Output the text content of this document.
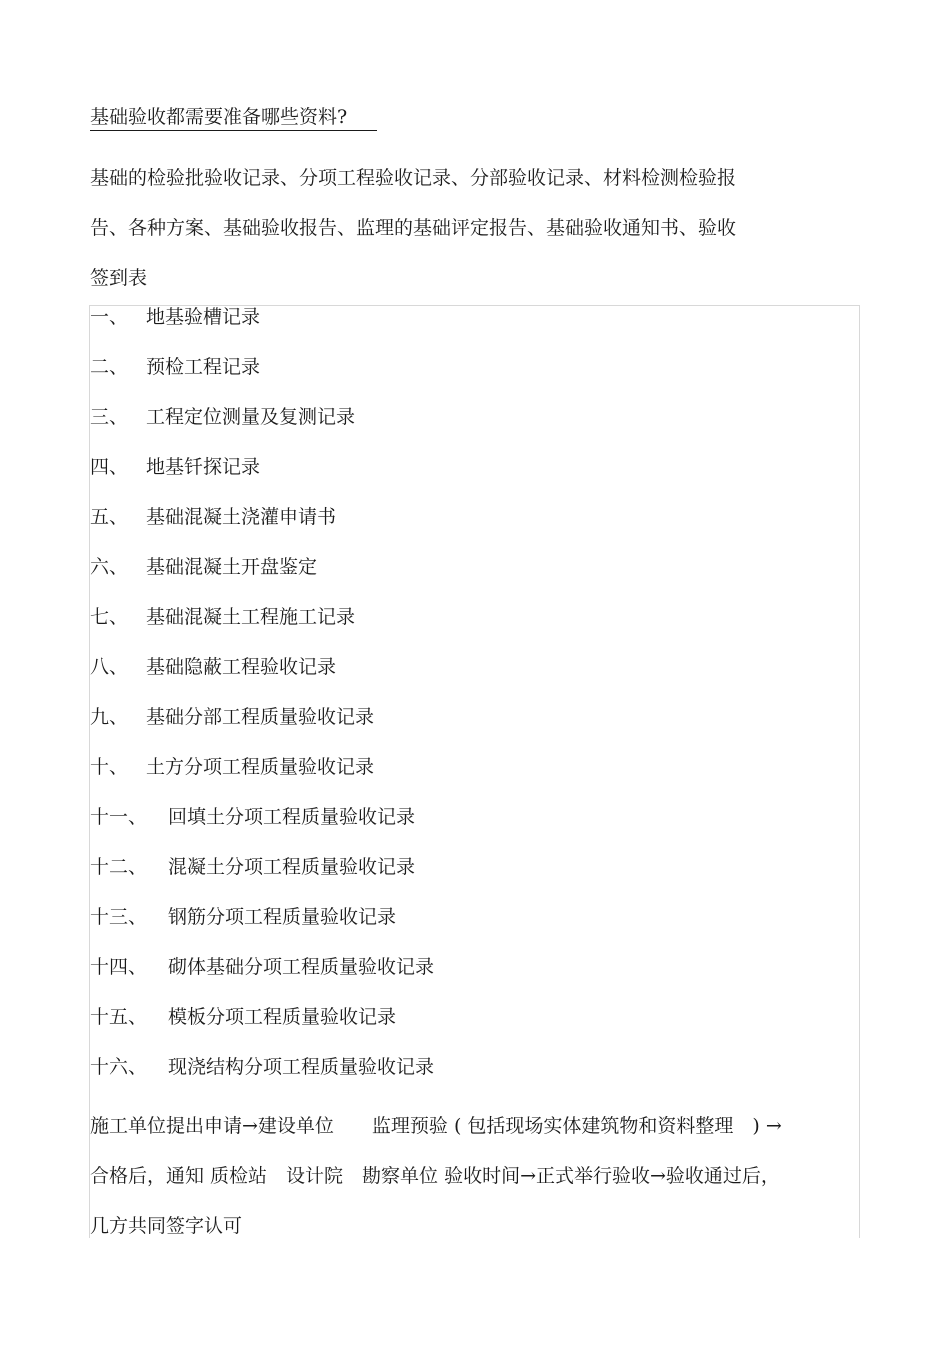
基础验收都需要准备哪些资料?
基础的检验批验收记录、分项工程验收记录、分部验收记录、材料检测检验报
告、各种方案、基础验收报告、监理的基础评定报告、基础验收通知书、验收
签到表
一、 地基验槽记录
二、 预检工程记录
三、 工程定位测量及复测记录
四、 地基钎探记录
五、 基础混凝土浇灌申请书
六、 基础混凝土开盘鉴定
七、 基础混凝土工程施工记录
八、 基础隐蔽工程验收记录
九、 基础分部工程质量验收记录
十、 土方分项工程质量验收记录
十一、	回填土分项工程质量验收记录
十二、	混凝土分项工程质量验收记录
十三、	钢筋分项工程质量验收记录
十四、	砌体基础分项工程质量验收记录
十五、	模板分项工程质量验收记录
十六、	现浇结构分项工程质量验收记录
施工单位提出申请→建设单位　　监理预验 ( 包括现场实体建筑物和资料整理　) →
合格后，通知 质检站　设计院　勘察单位 验收时间→正式举行验收→验收通过后，
几方共同签字认可
